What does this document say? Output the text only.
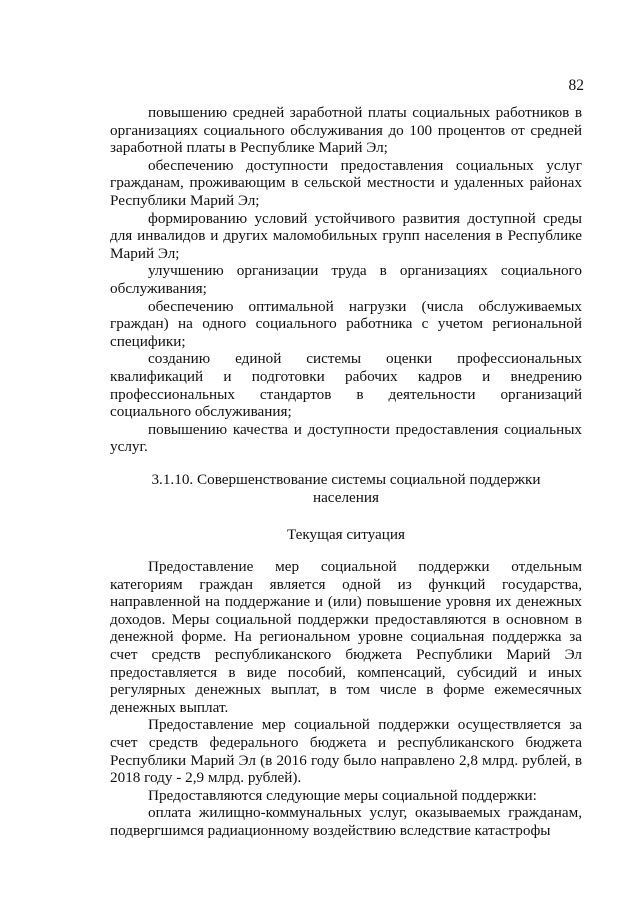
82

повышению средней заработной платы социальных работников в организациях социального обслуживания до 100 процентов от средней заработной платы в Республике Марий Эл;

обеспечению доступности предоставления социальных услуг гражданам, проживающим в сельской местности и удаленных районах Республики Марий Эл;

формированию условий устойчивого развития доступной среды для инвалидов и других маломобильных групп населения в Республике Марий Эл;

улучшению организации труда в организациях социального обслуживания;

обеспечению оптимальной нагрузки (числа обслуживаемых граждан) на одного социального работника с учетом региональной специфики;

созданию единой системы оценки профессиональных квалификаций и подготовки рабочих кадров и внедрению профессиональных стандартов в деятельности организаций социального обслуживания;

повышению качества и доступности предоставления социальных услуг.

3.1.10. Совершенствование системы социальной поддержки
населения
Текущая ситуация

Предоставление мер социальной поддержки отдельным категориям граждан является одной из функций государства, направленной на поддержание и (или) повышение уровня их денежных доходов. Меры социальной поддержки предоставляются в основном в денежной форме. На региональном уровне социальная поддержка за счет средств республиканского бюджета Республики Марий Эл предоставляется в виде пособий, компенсаций, субсидий и иных регулярных денежных выплат, в том числе в форме ежемесячных денежных выплат.

Предоставление мер социальной поддержки осуществляется за счет средств федерального бюджета и республиканского бюджета Республики Марий Эл (в 2016 году было направлено 2,8 млрд. рублей, в 2018 году - 2,9 млрд. рублей).

Предоставляются следующие меры социальной поддержки:

оплата жилищно-коммунальных услуг, оказываемых гражданам, подвергшимся радиационному воздействию вследствие катастрофы
